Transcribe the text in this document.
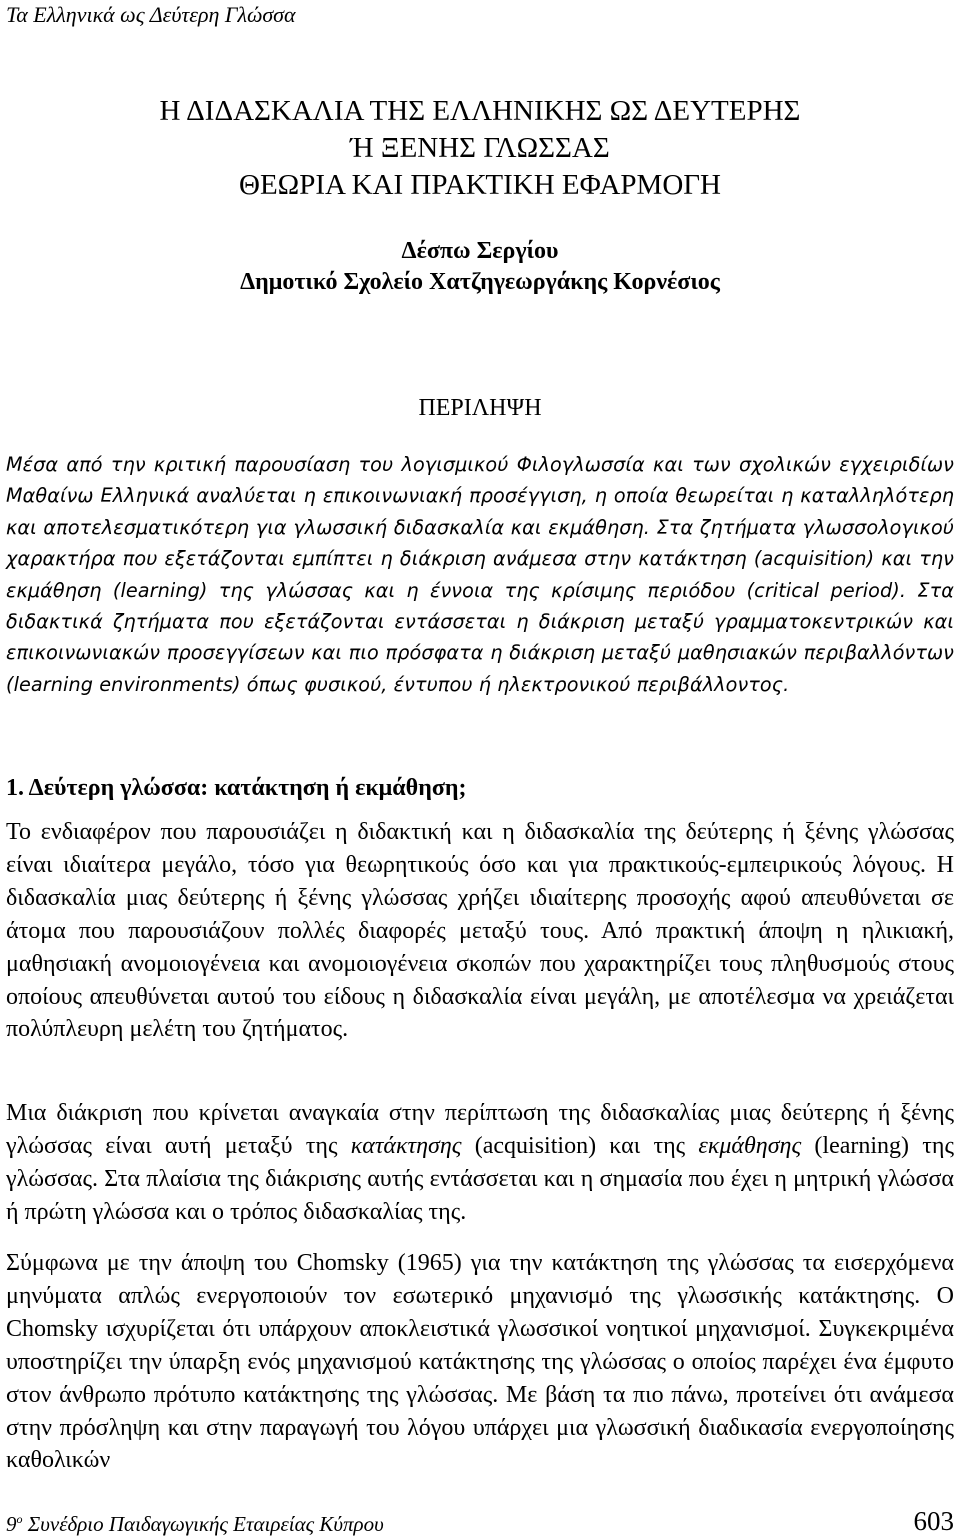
Τα Ελληνικά ως Δεύτερη Γλώσσα
Η ΔΙΔΑΣΚΑΛΙΑ ΤΗΣ ΕΛΛΗΝΙΚΗΣ ΩΣ ΔΕΥΤΕΡΗΣ
Ή ΞΕΝΗΣ ΓΛΩΣΣΑΣ
ΘΕΩΡΙΑ ΚΑΙ ΠΡΑΚΤΙΚΗ ΕΦΑΡΜΟΓΗ
Δέσπω Σεργίου
Δημοτικό Σχολείο Χατζηγεωργάκης Κορνέσιος
ΠΕΡΙΛΗΨΗ
Μέσα από την κριτική παρουσίαση του λογισμικού Φιλογλωσσία και των σχολικών εγχειριδίων Μαθαίνω Ελληνικά αναλύεται η επικοινωνιακή προσέγγιση, η οποία θεωρείται η καταλληλότερη και αποτελεσματικότερη για γλωσσική διδασκαλία και εκμάθηση. Στα ζητήματα γλωσσολογικού χαρακτήρα που εξετάζονται εμπίπτει η διάκριση ανάμεσα στην κατάκτηση (acquisition) και την εκμάθηση (learning) της γλώσσας και η έννοια της κρίσιμης περιόδου (critical period). Στα διδακτικά ζητήματα που εξετάζονται εντάσσεται η διάκριση μεταξύ γραμματοκεντρικών και επικοινωνιακών προσεγγίσεων και πιο πρόσφατα η διάκριση μεταξύ μαθησιακών περιβαλλόντων (learning environments) όπως φυσικού, έντυπου ή ηλεκτρονικού περιβάλλοντος.
1. Δεύτερη γλώσσα: κατάκτηση ή εκμάθηση;
Το ενδιαφέρον που παρουσιάζει η διδακτική και η διδασκαλία της δεύτερης ή ξένης γλώσσας είναι ιδιαίτερα μεγάλο, τόσο για θεωρητικούς όσο και για πρακτικούς-εμπειρικούς λόγους. Η διδασκαλία μιας δεύτερης ή ξένης γλώσσας χρήζει ιδιαίτερης προσοχής αφού απευθύνεται σε άτομα που παρουσιάζουν πολλές διαφορές μεταξύ τους. Από πρακτική άποψη η ηλικιακή, μαθησιακή ανομοιογένεια και ανομοιογένεια σκοπών που χαρακτηρίζει τους πληθυσμούς στους οποίους απευθύνεται αυτού του είδους η διδασκαλία είναι μεγάλη, με αποτέλεσμα να χρειάζεται πολύπλευρη μελέτη του ζητήματος.
Μια διάκριση που κρίνεται αναγκαία στην περίπτωση της διδασκαλίας μιας δεύτερης ή ξένης γλώσσας είναι αυτή μεταξύ της κατάκτησης (acquisition) και της εκμάθησης (learning) της γλώσσας. Στα πλαίσια της διάκρισης αυτής εντάσσεται και η σημασία που έχει η μητρική γλώσσα ή πρώτη γλώσσα και ο τρόπος διδασκαλίας της.
Σύμφωνα με την άποψη του Chomsky (1965) για την κατάκτηση της γλώσσας τα εισερχόμενα μηνύματα απλώς ενεργοποιούν τον εσωτερικό μηχανισμό της γλωσσικής κατάκτησης. Ο Chomsky ισχυρίζεται ότι υπάρχουν αποκλειστικά γλωσσικοί νοητικοί μηχανισμοί. Συγκεκριμένα υποστηρίζει την ύπαρξη ενός μηχανισμού κατάκτησης της γλώσσας ο οποίος παρέχει ένα έμφυτο στον άνθρωπο πρότυπο κατάκτησης της γλώσσας. Με βάση τα πιο πάνω, προτείνει ότι ανάμεσα στην πρόσληψη και στην παραγωγή του λόγου υπάρχει μια γλωσσική διαδικασία ενεργοποίησης καθολικών
$9^o$ Συνέδριο Παιδαγωγικής Εταιρείας Κύπρου	603
